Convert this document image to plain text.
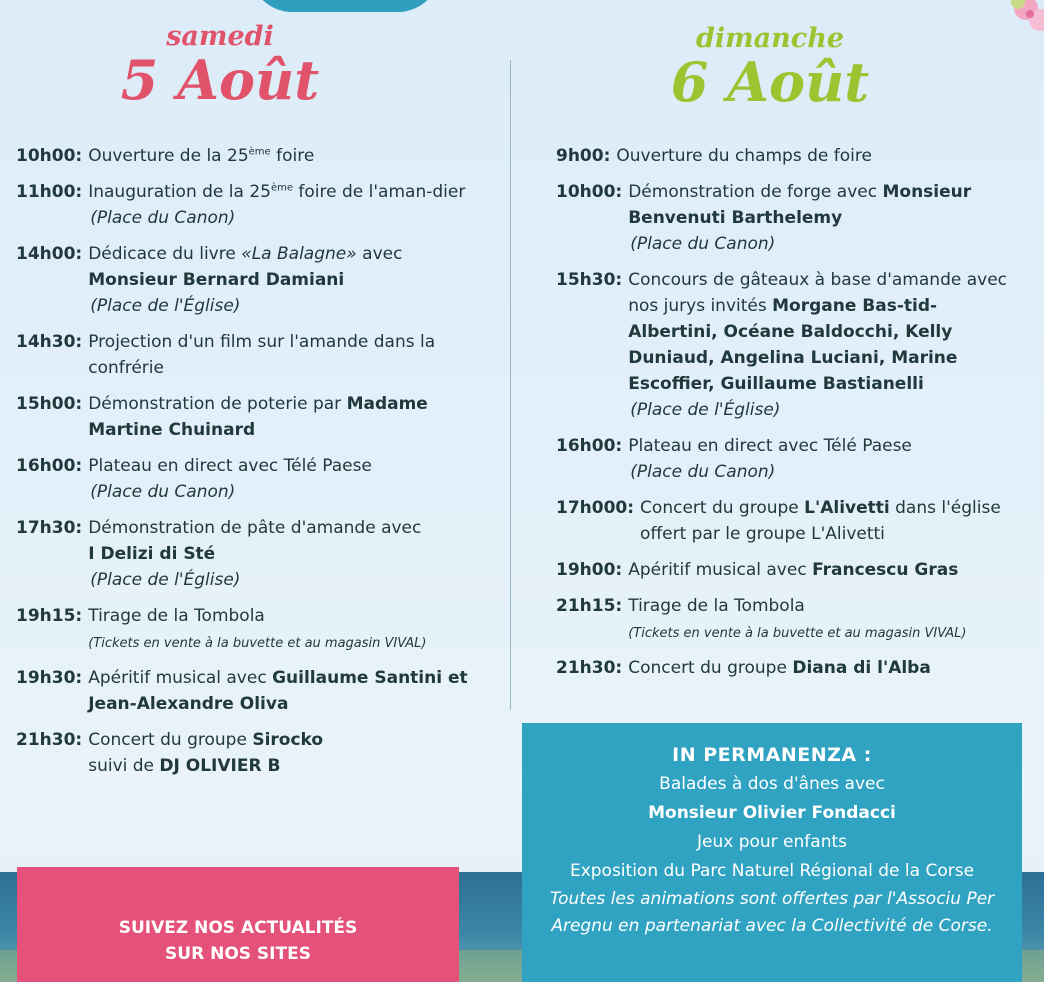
samedi
5 Août
dimanche
6 Août
10h00: Ouverture de la 25ème foire
11h00: Inauguration de la 25ème foire de l'aman-dier (Place du Canon)
14h00: Dédicace du livre «La Balagne» avec
Monsieur Bernard Damiani
(Place de l'Église)
14h30: Projection d'un film sur l'amande dans la confrérie
15h00: Démonstration de poterie par Madame Martine Chuinard
16h00: Plateau en direct avec Télé Paese
(Place du Canon)
17h30: Démonstration de pâte d'amande avec
I Delizi di Sté
(Place de l'Église)
19h15: Tirage de la Tombola
(Tickets en vente à la buvette et au magasin VIVAL)
19h30: Apéritif musical avec Guillaume Santini et Jean-Alexandre Oliva
21h30: Concert du groupe Sirocko
suivi de DJ OLIVIER B
9h00: Ouverture du champs de foire
10h00: Démonstration de forge avec Monsieur Benvenuti Barthelemy
(Place du Canon)
15h30: Concours de gâteaux à base d'amande avec nos jurys invités Morgane Bas-tid-Albertini, Océane Baldocchi, Kelly Duniaud, Angelina Luciani, Marine Escoffier, Guillaume Bastianelli
(Place de l'Église)
16h00: Plateau en direct avec Télé Paese
(Place du Canon)
17h000: Concert du groupe L'Alivetti dans l'église offert par le groupe L'Alivetti
19h00: Apéritif musical avec Francescu Gras
21h15: Tirage de la Tombola
(Tickets en vente à la buvette et au magasin VIVAL)
21h30: Concert du groupe Diana di l'Alba
SUIVEZ NOS ACTUALITÉS
SUR NOS SITES
IN PERMANENZA :
Balades à dos d'ânes avec
Monsieur Olivier Fondacci
Jeux pour enfants
Exposition du Parc Naturel Régional de la Corse
Toutes les animations sont offertes par l'Associu Per Aregnu en partenariat avec la Collectivité de Corse.
